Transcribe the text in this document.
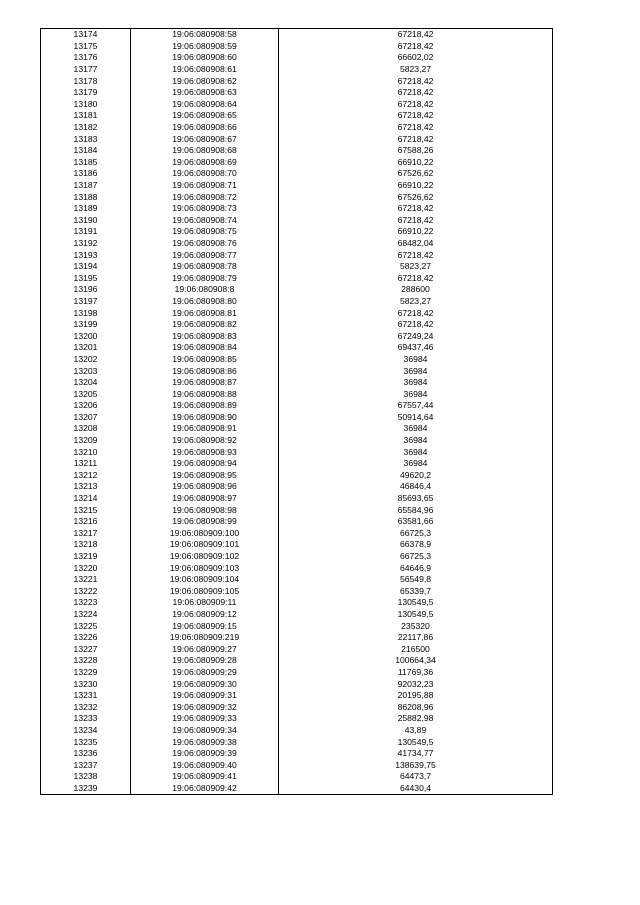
13174	19:06:080908:58	67218,42
13175	19:06:080908:59	67218,42
13176	19:06:080908:60	66602,02
13177	19:06:080908:61	5823,27
13178	19:06:080908:62	67218,42
13179	19:06:080908:63	67218,42
13180	19:06:080908:64	67218,42
13181	19:06:080908:65	67218,42
13182	19:06:080908:66	67218,42
13183	19:06:080908:67	67218,42
13184	19:06:080908:68	67588,26
13185	19:06:080908:69	66910,22
13186	19:06:080908:70	67526,62
13187	19:06:080908:71	66910,22
13188	19:06:080908:72	67526,62
13189	19:06:080908:73	67218,42
13190	19:06:080908:74	67218,42
13191	19:06:080908:75	66910,22
13192	19:06:080908:76	68482,04
13193	19:06:080908:77	67218,42
13194	19:06:080908:78	5823,27
13195	19:06:080908:79	67218,42
13196	19:06:080908:8	288600
13197	19:06:080908:80	5823,27
13198	19:06:080908:81	67218,42
13199	19:06:080908:82	67218,42
13200	19:06:080908:83	67249,24
13201	19:06:080908:84	69437,46
13202	19:06:080908:85	36984
13203	19:06:080908:86	36984
13204	19:06:080908:87	36984
13205	19:06:080908:88	36984
13206	19:06:080908:89	67557,44
13207	19:06:080908:90	50914,64
13208	19:06:080908:91	36984
13209	19:06:080908:92	36984
13210	19:06:080908:93	36984
13211	19:06:080908:94	36984
13212	19:06:080908:95	49620,2
13213	19:06:080908:96	46846,4
13214	19:06:080908:97	85693,65
13215	19:06:080908:98	65584,96
13216	19:06:080908:99	63581,66
13217	19:06:080909:100	66725,3
13218	19:06:080909:101	66378,9
13219	19:06:080909:102	66725,3
13220	19:06:080909:103	64646,9
13221	19:06:080909:104	56549,8
13222	19:06:080909:105	65339,7
13223	19:06:080909:11	130549,5
13224	19:06:080909:12	130549,5
13225	19:06:080909:15	235320
13226	19:06:080909:219	22117,86
13227	19:06:080909:27	216500
13228	19:06:080909:28	100664,34
13229	19:06:080909:29	11769,36
13230	19:06:080909:30	92032,23
13231	19:06:080909:31	20195,88
13232	19:06:080909:32	86208,96
13233	19:06:080909:33	25882,98
13234	19:06:080909:34	43,89
13235	19:06:080909:38	130549,5
13236	19:06:080909:39	41734,77
13237	19:06:080909:40	138639,75
13238	19:06:080909:41	64473,7
13239	19:06:080909:42	64430,4
